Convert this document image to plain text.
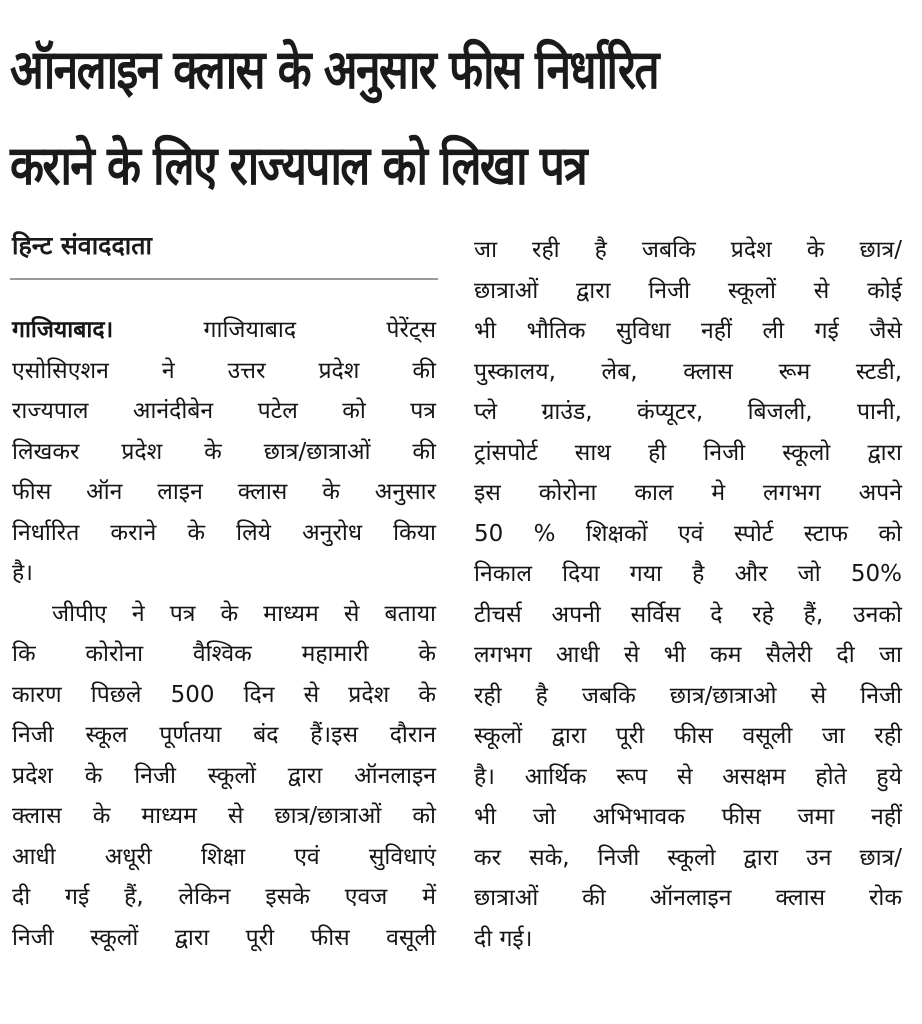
ऑनलाइन क्लास के अनुसार फीस निर्धारित
कराने के लिए राज्यपाल को लिखा पत्र
हिन्ट संवाददाता
गाजियाबाद। गाजियाबाद पेरेंट्स
एसोसिएशन ने उत्तर प्रदेश की
राज्यपाल आनंदीबेन पटेल को पत्र
लिखकर प्रदेश के छात्र/छात्राओं की
फीस ऑन लाइन क्लास के अनुसार
निर्धारित कराने के लिये अनुरोध किया
है।
जीपीए ने पत्र के माध्यम से बताया
कि कोरोना वैश्विक महामारी के
कारण पिछले 500 दिन से प्रदेश के
निजी स्कूल पूर्णतया बंद हैं।इस दौरान
प्रदेश के निजी स्कूलों द्वारा ऑनलाइन
क्लास के माध्यम से छात्र/छात्राओं को
आधी अधूरी शिक्षा एवं सुविधाएं
दी गई हैं, लेकिन इसके एवज में
निजी स्कूलों द्वारा पूरी फीस वसूली
जा रही है जबकि प्रदेश के छात्र/
छात्राओं द्वारा निजी स्कूलों से कोई
भी भौतिक सुविधा नहीं ली गई जैसे
पुस्कालय, लेब, क्लास रूम स्टडी,
प्ले ग्राउंड, कंप्यूटर, बिजली, पानी,
ट्रांसपोर्ट साथ ही निजी स्कूलो द्वारा
इस कोरोना काल मे लगभग अपने
50 % शिक्षकों एवं स्पोर्ट स्टाफ को
निकाल दिया गया है और जो 50%
टीचर्स अपनी सर्विस दे रहे हैं, उनको
लगभग आधी से भी कम सैलेरी दी जा
रही है जबकि छात्र/छात्राओ से निजी
स्कूलों द्वारा पूरी फीस वसूली जा रही
है। आर्थिक रूप से असक्षम होते हुये
भी जो अभिभावक फीस जमा नहीं
कर सके, निजी स्कूलो द्वारा उन छात्र/
छात्राओं की ऑनलाइन क्लास रोक
दी गई।
